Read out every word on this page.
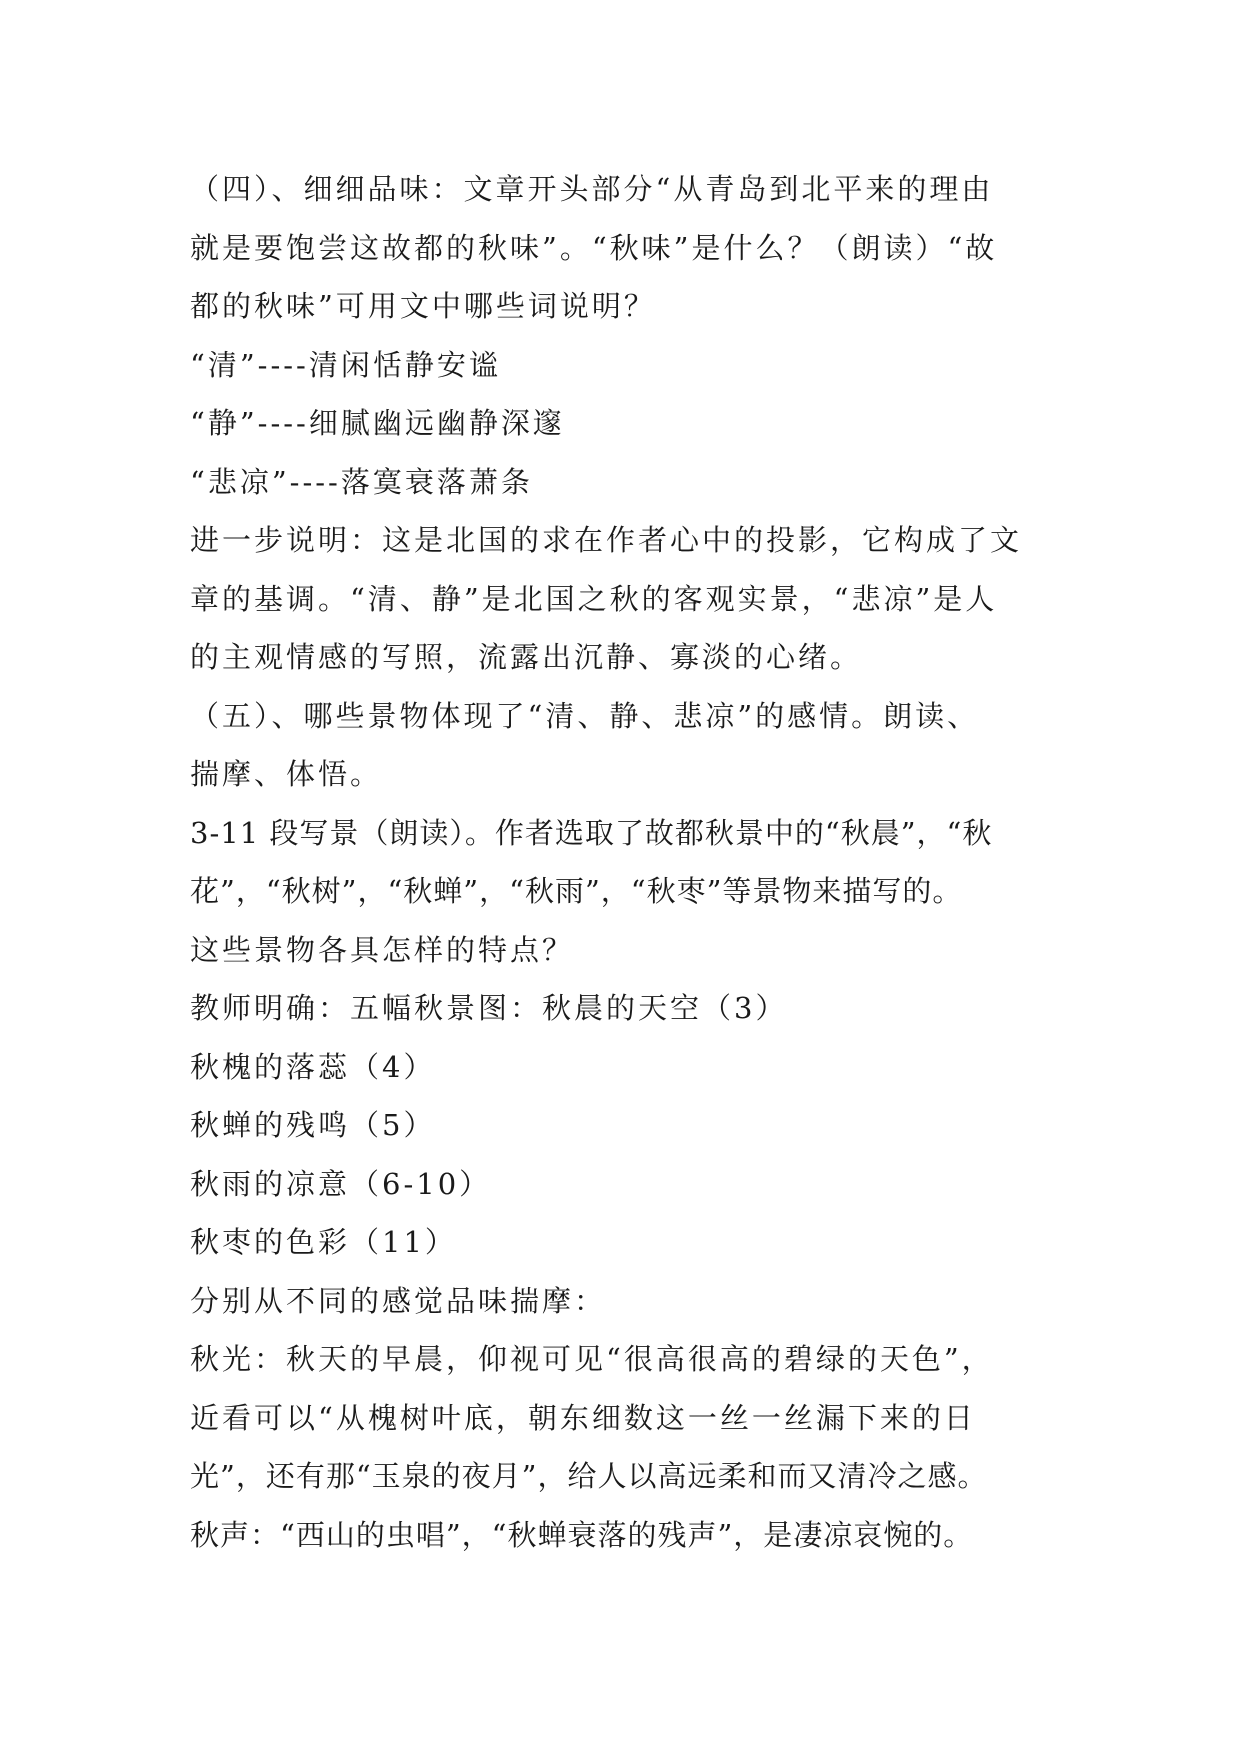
（四）、细细品味：文章开头部分“从青岛到北平来的理由
就是要饱尝这故都的秋味”。“秋味”是什么？（朗读）“故
都的秋味”可用文中哪些词说明？
“清”----清闲恬静安谧
“静”----细腻幽远幽静深邃
“悲凉”----落寞衰落萧条
进一步说明：这是北国的求在作者心中的投影，它构成了文
章的基调。“清、静”是北国之秋的客观实景，“悲凉”是人
的主观情感的写照，流露出沉静、寡淡的心绪。
（五）、哪些景物体现了“清、静、悲凉”的感情。朗读、
揣摩、体悟。
3-11 段写景（朗读）。作者选取了故都秋景中的“秋晨”，“秋
花”，“秋树”，“秋蝉”，“秋雨”，“秋枣”等景物来描写的。
这些景物各具怎样的特点？
教师明确：五幅秋景图：秋晨的天空（3）
秋槐的落蕊（4）
秋蝉的残鸣（5）
秋雨的凉意（6-10）
秋枣的色彩（11）
分别从不同的感觉品味揣摩：
秋光：秋天的早晨，仰视可见“很高很高的碧绿的天色”，
近看可以“从槐树叶底，朝东细数这一丝一丝漏下来的日
光”，还有那“玉泉的夜月”，给人以高远柔和而又清冷之感。
秋声：“西山的虫唱”，“秋蝉衰落的残声”，是凄凉哀惋的。
